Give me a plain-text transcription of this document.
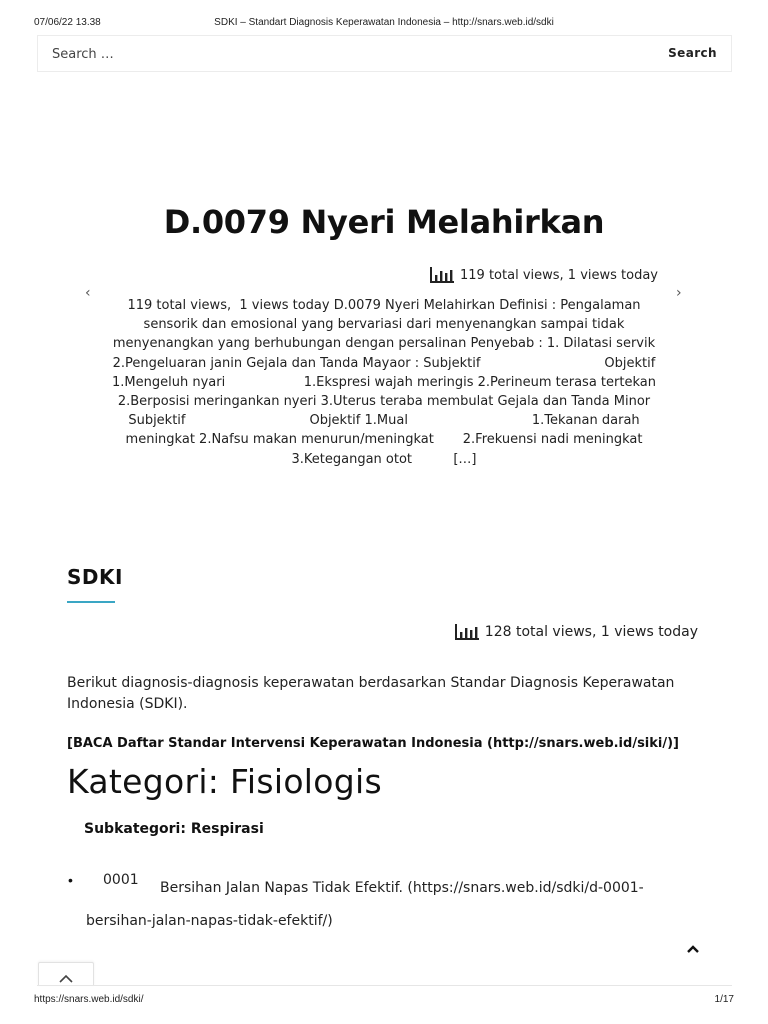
07/06/22 13.38	SDKI – Standart Diagnosis Keperawatan Indonesia – http://snars.web.id/sdki
Search …
Search
‹	›
D.0079 Nyeri Melahirkan
119 total views, 1 views today

119 total views,  1 views today D.0079 Nyeri Melahirkan Definisi : Pengalaman sensorik dan emosional yang bervariasi dari menyenangkan sampai tidak menyenangkan yang berhubungan dengan persalinan Penyebab : 1. Dilatasi servik 2.Pengeluaran janin Gejala dan Tanda Mayaor : Subjektif                              Objektif 1.Mengeluh nyari                   1.Ekspresi wajah meringis 2.Perineum terasa tertekan                  2.Berposisi meringankan nyeri 3.Uterus teraba membulat Gejala dan Tanda Minor Subjektif                              Objektif 1.Mual                              1.Tekanan darah meningkat 2.Nafsu makan menurun/meningkat       2.Frekuensi nadi meningkat                    3.Ketegangan otot          […]

SDKI
128 total views, 1 views today

Berikut diagnosis-diagnosis keperawatan berdasarkan Standar Diagnosis Keperawatan Indonesia (SDKI).

[BACA Daftar Standar Intervensi Keperawatan Indonesia (http://snars.web.id/siki/)]
Kategori: Fisiologis
Subkategori: Respirasi
• 0001	Bersihan Jalan Napas Tidak Efektif. (https://snars.web.id/sdki/d-0001-bersihan-jalan-napas-tidak-efektif/)

https://snars.web.id/sdki/	1/17
